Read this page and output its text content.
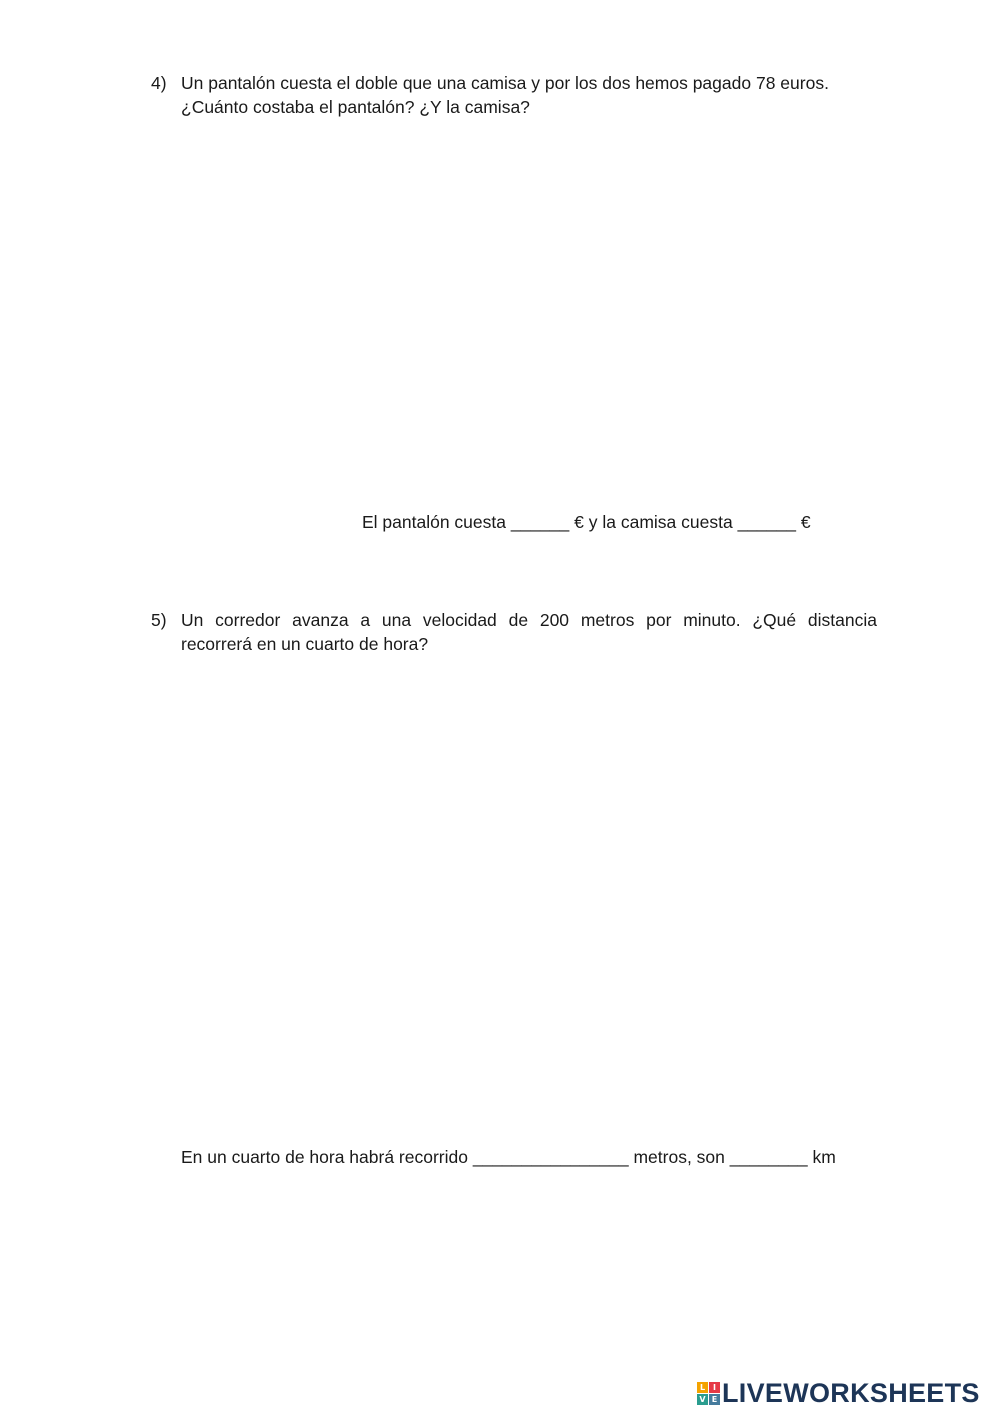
4) Un pantalón cuesta el doble que una camisa y por los dos hemos pagado 78 euros.
¿Cuánto costaba el pantalón? ¿Y la camisa?
El pantalón cuesta ______ € y la camisa cuesta ______ €
5) Un corredor avanza a una velocidad de 200 metros por minuto. ¿Qué distancia
recorrerá en un cuarto de hora?
En un cuarto de hora habrá recorrido ________________ metros, son ________ km
L I
V E LIVEWORKSHEETS
